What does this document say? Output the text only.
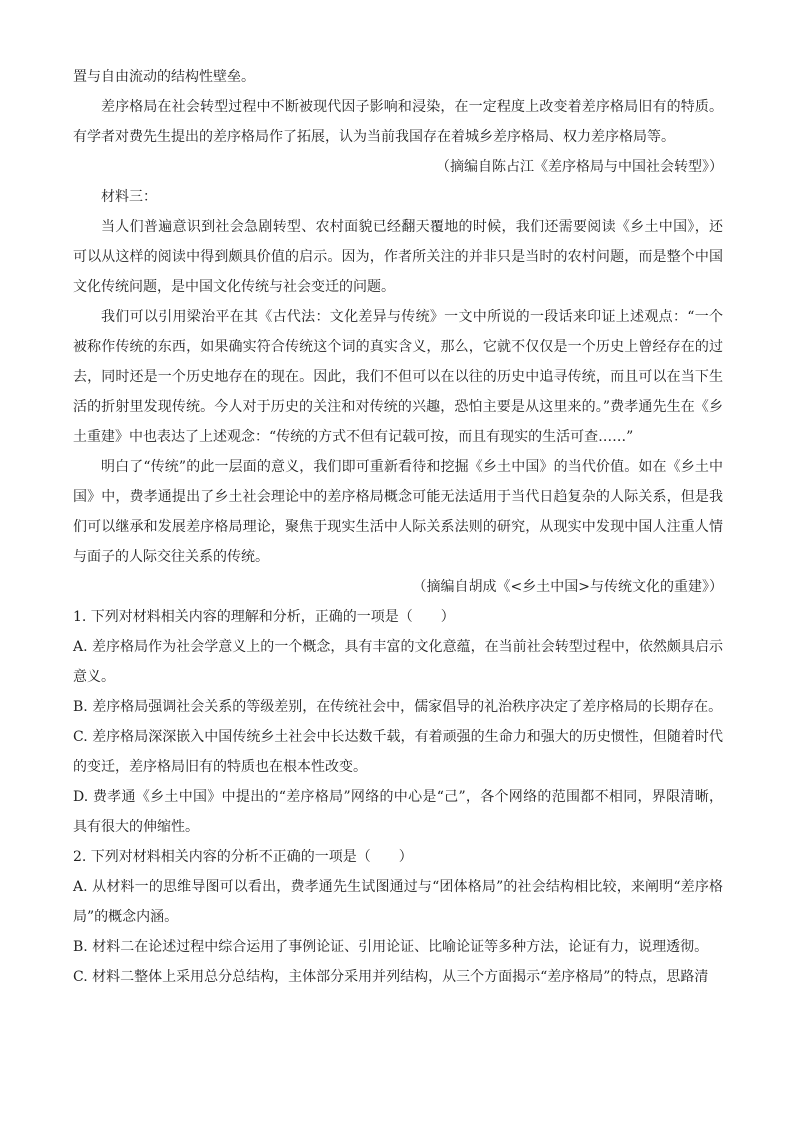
置与自由流动的结构性壁垒。

差序格局在社会转型过程中不断被现代因子影响和浸染，在一定程度上改变着差序格局旧有的特质。有学者对费先生提出的差序格局作了拓展，认为当前我国存在着城乡差序格局、权力差序格局等。

（摘编自陈占江《差序格局与中国社会转型》）

材料三：

当人们普遍意识到社会急剧转型、农村面貌已经翻天覆地的时候，我们还需要阅读《乡土中国》，还可以从这样的阅读中得到颇具价值的启示。因为，作者所关注的并非只是当时的农村问题，而是整个中国文化传统问题，是中国文化传统与社会变迁的问题。

我们可以引用梁治平在其《古代法：文化差异与传统》一文中所说的一段话来印证上述观点：“一个被称作传统的东西，如果确实符合传统这个词的真实含义，那么，它就不仅仅是一个历史上曾经存在的过去，同时还是一个历史地存在的现在。因此，我们不但可以在以往的历史中追寻传统，而且可以在当下生活的折射里发现传统。今人对于历史的关注和对传统的兴趣，恐怕主要是从这里来的。”费孝通先生在《乡土重建》中也表达了上述观念：“传统的方式不但有记载可按，而且有现实的生活可查……”

明白了“传统”的此一层面的意义，我们即可重新看待和挖掘《乡土中国》的当代价值。如在《乡土中国》中，费孝通提出了乡土社会理论中的差序格局概念可能无法适用于当代日趋复杂的人际关系，但是我们可以继承和发展差序格局理论，聚焦于现实生活中人际关系法则的研究，从现实中发现中国人注重人情与面子的人际交往关系的传统。

（摘编自胡成《<乡土中国>与传统文化的重建》）

1. 下列对材料相关内容的理解和分析，正确的一项是（　　）

A. 差序格局作为社会学意义上的一个概念，具有丰富的文化意蕴，在当前社会转型过程中，依然颇具启示意义。

B. 差序格局强调社会关系的等级差别，在传统社会中，儒家倡导的礼治秩序决定了差序格局的长期存在。

C. 差序格局深深嵌入中国传统乡土社会中长达数千载，有着顽强的生命力和强大的历史惯性，但随着时代的变迁，差序格局旧有的特质也在根本性改变。

D. 费孝通《乡土中国》中提出的“差序格局”网络的中心是“己”，各个网络的范围都不相同，界限清晰，具有很大的伸缩性。

2. 下列对材料相关内容的分析不正确的一项是（　　）

A. 从材料一的思维导图可以看出，费孝通先生试图通过与“团体格局”的社会结构相比较，来阐明“差序格局”的概念内涵。

B. 材料二在论述过程中综合运用了事例论证、引用论证、比喻论证等多种方法，论证有力，说理透彻。

C. 材料二整体上采用总分总结构，主体部分采用并列结构，从三个方面揭示“差序格局”的特点，思路清
